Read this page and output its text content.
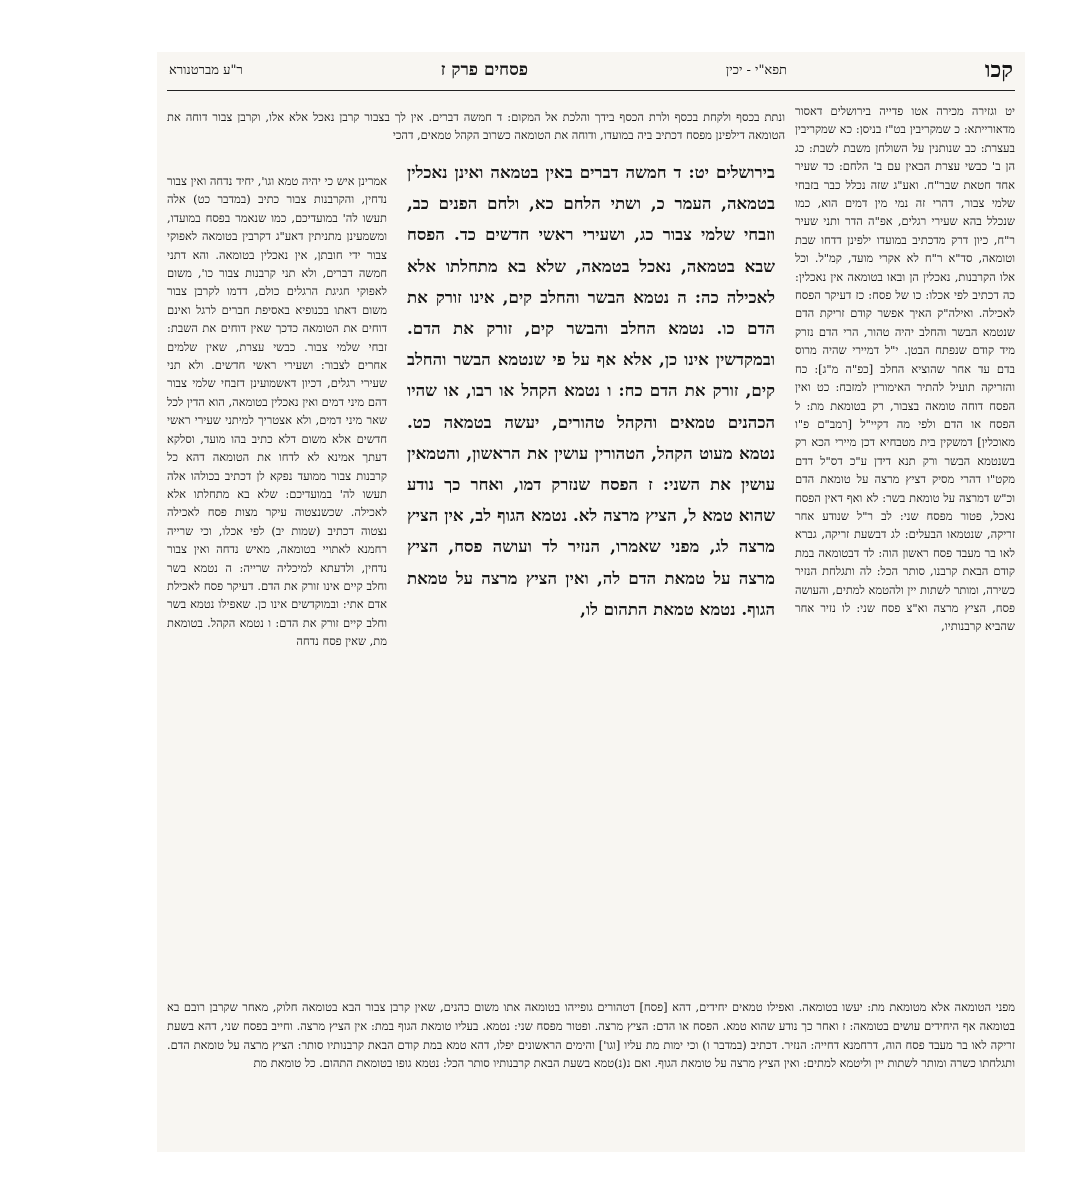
קכו
תפא"י - יכין
פסחים פרק ז
ר"ע מברטנורא

יט וגזירה מכירה אטו פדייה בירושלים דאסור מדאורייתא: כ שמקריבין בט"ז בניסן: כא שמקריבין בעצרת: כב שנותנין על השולחן משבת לשבת: כג הן ב' כבשי עצרת הבאין עם ב' הלחם: כד שעיר אחד חטאת שבר"ח. ואע"ג שזה נכלל כבר בזבחי שלמי צבור, דהרי זה נמי מין דמים הוא, כמו שנכלל בהא שעירי רגלים, אפ"ה הדר ותני שעיר ר"ח, כיון דרק מדכתיב במועדו ילפינן דדחו שבת וטומאה, סד"א ר"ח לא אקרי מועד, קמ"ל. וכל אלו הקרבנות, נאכלין הן ובאו בטומאה אין נאכלין: כה דכתיב לפי אכלו: כו של פסח: כז דעיקר הפסח לאכילה. ואילה"ק האיך אפשר קודם זריקת הדם שנטמא הבשר והחלב יהיה טהור, הרי הדם נזרק מיד קודם שנפתח הבטן. י"ל דמיירי שהיה מרוס בדם עד אחר שהוציא החלב [כפ"ה מ"ג]: כח והזריקה תועיל להתיר האימורין למזבח: כט ואין הפסח דוחה טומאה בצבור, רק בטומאת מת: ל הפסח או הדם ולפי מה דקיי"ל [רמב"ם פ"ו מאוכלין] דמשקין בית מטבחיא דכן מיירי הכא רק בשנטמא הבשר ורק תנא דידן ע"כ דס"ל דדם מקט"ו דהרי מסיק דציץ מרצה על טומאת הדם וכ"ש דמרצה על טומאת בשר: לא ואף דאין הפסח נאכל, פטור מפסח שני: לב ר"ל שנודע אחר זריקה, שנטמאו הבעלים: לג דבשעת זריקה, גברא לאו בר מעבד פסח ראשון הוה: לד דבטומאה במת קודם הבאת קרבנו, סותר הכל: לה ותגלחת הנזיר כשירה, ומותר לשתות יין ולהטמא למתים, והעושה פסח, הציץ מרצה וא"צ פסח שני: לו נזיר אחר שהביא קרבנותיו,

ונתת בכסף ולקחת בכסף ולרת הכסף בידך והלכת אל המקום: ד חמשה דברים. אין לך בצבור קרבן נאכל אלא אלו, וקרבן צבור דוחה את הטומאה דילפינן מפסח דכתיב ביה במועדו, ודוחה את הטומאה כשרוב הקהל טמאים, דהכי

בירושלים יט: ד חמשה דברים באין בטמאה ואינן נאכלין בטמאה, העמר כ, ושתי הלחם כא, ולחם הפנים כב, וזבחי שלמי צבור כג, ושעירי ראשי חדשים כד. הפסח שבא בטמאה, נאכל בטמאה, שלא בא מתחלתו אלא לאכילה כה: ה נטמא הבשר והחלב קים, אינו זורק את הדם כו. נטמא החלב והבשר קים, זורק את הדם. ובמקדשין אינו כן, אלא אף על פי שנטמא הבשר והחלב קים, זורק את הדם כח: ו נטמא הקהל או רבו, או שהיו הכהנים טמאים והקהל טהורים, יעשה בטמאה כט. נטמא מעוט הקהל, הטהורין עושין את הראשון, והטמאין עושין את השני: ז הפסח שנזרק דמו, ואחר כך נודע שהוא טמא ל, הציץ מרצה לא. נטמא הגוף לב, אין הציץ מרצה לג, מפני שאמרו, הנזיר לד ועושה פסח, הציץ מרצה על טמאת הדם לה, ואין הציץ מרצה על טמאת הגוף. נטמא טמאת התהום לו,

אמרינן איש כי יהיה טמא וגו', יחיד נדחה ואין צבור נדחין, והקרבנות צבור כתיב (במדבר כט) אלה תעשו לה' במועדיכם, כמו שנאמר בפסח במועדו, ומשמעינן מתניתין דאע"ג דקרבין בטומאה לאפוקי צבור ידי חובתן, אין נאכלין בטומאה. והא דתני חמשה דברים, ולא תני קרבנות צבור כו', משום לאפוקי חגיגת הרגלים כולם, דדמו לקרבן צבור משום דאתו בכנופיא באסיפת חברים לרגל ואינם דוחים את הטומאה כדכך שאין דוחים את השבת: זבחי שלמי צבור. כבשי עצרת, שאין שלמים אחרים לצבור: ושעירי ראשי חדשים. ולא תני שעירי רגלים, דכיון דאשמועינן דזבחי שלמי צבור דהם מיני דמים ואין נאכלין בטומאה, הוא הדין לכל שאר מיני דמים, ולא אצטריך למיתני שעירי ראשי חדשים אלא משום דלא כתיב בהו מועד, וסלקא דעתך אמינא לא לדחו את הטומאה דהא כל קרבנות צבור ממועד נפקא לן דכתיב בכולהו אלה תעשו לה' במועדיכם: שלא בא מתחלתו אלא לאכילה. שכשנצטוה עיקר מצות פסח לאכילה נצטוה דכתיב (שמות יב) לפי אכלו, וכי שרייה רחמנא לאתויי בטומאה, מאיש נדחה ואין צבור נדחין, ולדעתא למיכליה שרייה: ה נטמא בשר וחלב קיים אינו זורק את הדם. דעיקר פסח לאכילת אדם אתי: ובמוקדשים אינו כן. שאפילו נטמא בשר וחלב קיים זורק את הדם: ו נטמא הקהל. בטומאת מת, שאין פסח נדחה

מפני הטומאה אלא מטומאת מת: יעשו בטומאה. ואפילו טמאים יחידים, דהא [פסח] דטהורים גופייהו בטומאה אתו משום כהנים, שאין קרבן צבור הבא בטומאה חלוק, מאחר שקרבן רובם בא בטומאה אף היחידים עושים בטומאה: ז ואחר כך נודע שהוא טמא. הפסח או הדם: הציץ מרצה. ופטור מפסח שני: נטמא. בעליו טומאת הגוף במת: אין הציץ מרצה. וחייב בפסח שני, דהא בשעת זריקה לאו בר מעבד פסח הוה, דרחמנא דחייה: הנזיר. דכתיב (במדבר ו) וכי ימות מת עליו [וגו'] והימים הראשונים יפלו, דהא טמא במת קודם הבאת קרבנותיו סותר: הציץ מרצה על טומאת הדם. ותגלחתו כשרה ומותר לשתות יין וליטמא למתים: ואין הציץ מרצה על טומאת הגוף. ואם נ(נ)טמא בשעת הבאת קרבנותיו סותר הכל: נטמא גופו בטומאת התהום. כל טומאת מת
